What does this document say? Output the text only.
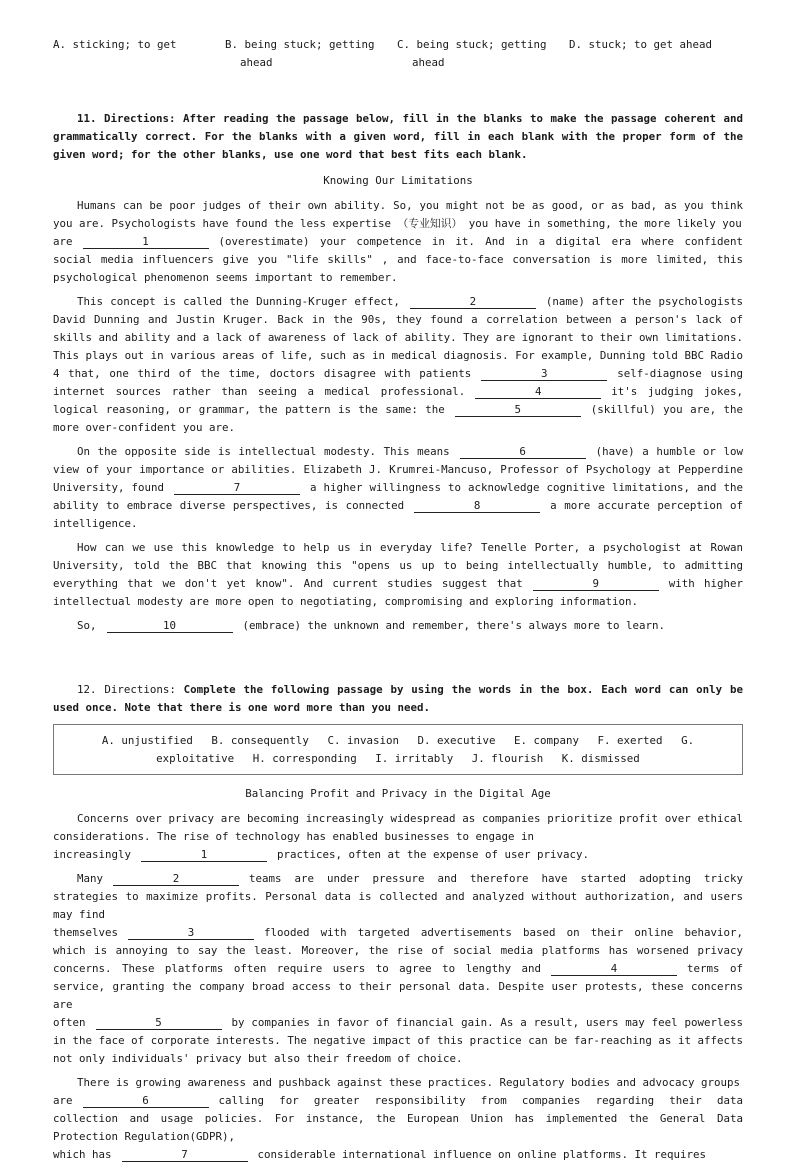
A. sticking; to get	B. being stuck; getting
ahead
C. being stuck; getting
ahead
D. stuck; to get ahead
11. Directions: After reading the passage below, fill in the blanks to make the passage coherent and grammatically correct. For the blanks with a given word, fill in each blank with the proper form of the given word; for the other blanks, use one word that best fits each blank.
Knowing Our Limitations

Humans can be poor judges of their own ability. So, you might not be as good, or as bad, as you think you are. Psychologists have found the less expertise （专业知识） you have in something, the more likely you
are	1	(overestimate) your competence in it. And in a digital era where confident social media influencers give you "life skills" , and face-to-face conversation is more limited, this psychological phenomenon seems important to remember.

This concept is called the Dunning-Kruger effect,	2	(name) after the psychologists David Dunning and Justin Kruger. Back in the 90s, they found a correlation between a person's lack of skills and ability and a lack of awareness of lack of ability. They are ignorant to their own limitations. This plays out in various areas of life, such as in medical diagnosis. For example, Dunning told BBC Radio 4 that, one third of the time, doctors disagree with patients	3	self-diagnose using internet sources rather than seeing a medical professional.	4	it's judging jokes, logical reasoning, or grammar, the pattern is the same: the	5	(skillful) you are, the more over-confident you are.

On the opposite side is intellectual modesty. This means	6	(have) a humble or low view of your importance or abilities. Elizabeth J. Krumrei-Mancuso, Professor of Psychology at Pepperdine University, found	7	a higher willingness to acknowledge cognitive limitations, and the ability to embrace diverse perspectives, is connected	8	a more accurate perception of intelligence.

How can we use this knowledge to help us in everyday life? Tenelle Porter, a psychologist at Rowan University, told the BBC that knowing this "opens us up to being intellectually humble, to admitting everything that we don't yet know". And current studies suggest that	9	with higher intellectual modesty are more open to negotiating, compromising and exploring information.

So,	10	(embrace) the unknown and remember, there's always more to learn.

12. Directions: Complete the following passage by using the words in the box. Each word can only be used once. Note that there is one word more than you need.
A. unjustified B. consequently C. invasion D. executive E. company F. exerted G.
exploitative H. corresponding I. irritably J. flourish K. dismissed
Balancing Profit and Privacy in the Digital Age

Concerns over privacy are becoming increasingly widespread as companies prioritize profit over ethical considerations. The rise of technology has enabled businesses to engage in
increasingly	1	practices, often at the expense of user privacy.

Many	2	teams are under pressure and therefore have started adopting tricky strategies to maximize profits. Personal data is collected and analyzed without authorization, and users may find
themselves	3	flooded with targeted advertisements based on their online behavior, which is annoying to say the least. Moreover, the rise of social media platforms has worsened privacy concerns. These platforms often require users to agree to lengthy and	4	terms of service, granting the company broad access to their personal data. Despite user protests, these concerns are
often	5	by companies in favor of financial gain. As a result, users may feel powerless in the face of corporate interests. The negative impact of this practice can be far-reaching as it affects not only individuals' privacy but also their freedom of choice.

There is growing awareness and pushback against these practices. Regulatory bodies and advocacy groups
are	6	calling for greater responsibility from companies regarding their data collection and usage policies. For instance, the European Union has implemented the General Data Protection Regulation(GDPR),
which has	7	considerable international influence on online platforms. It requires
